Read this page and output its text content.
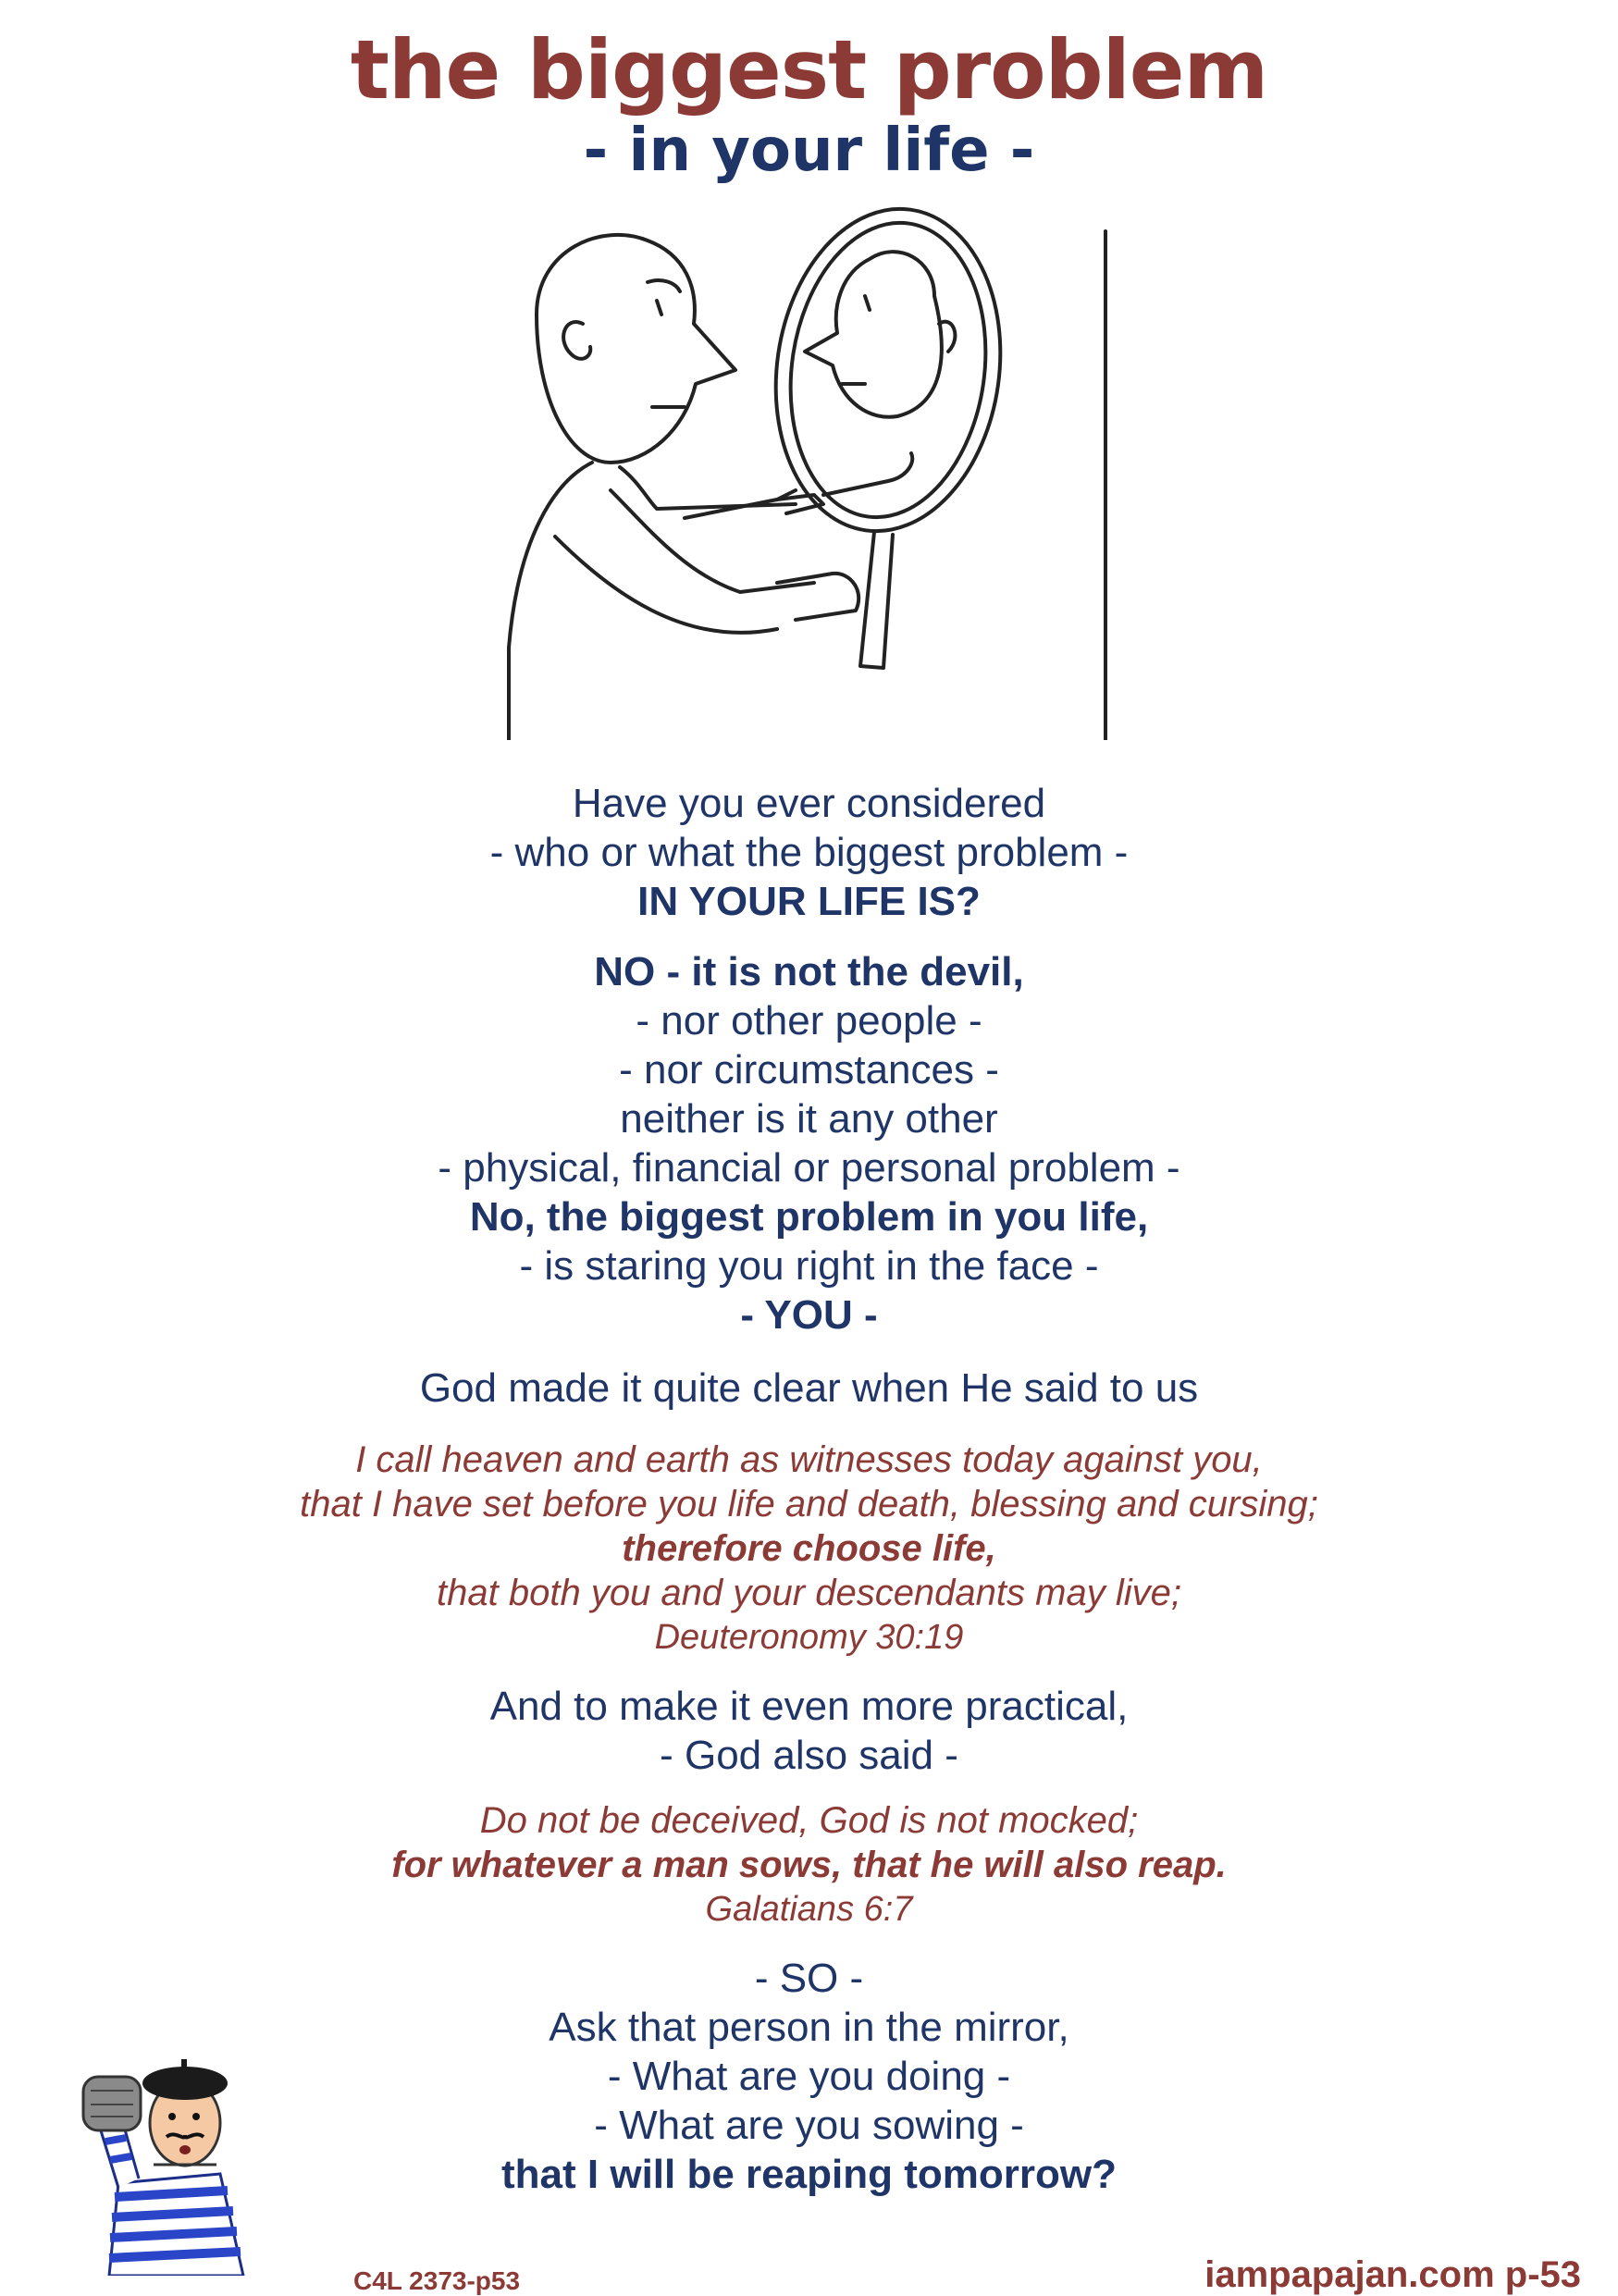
the biggest problem
- in your life -
Have you ever considered
- who or what the biggest problem -
IN YOUR LIFE IS?
NO - it is not the devil,
- nor other people -
- nor circumstances -
neither is it any other
- physical, financial or personal problem -
No, the biggest problem in you life,
- is staring you right in the face -
- YOU -
God made it quite clear when He said to us
I call heaven and earth as witnesses today against you,
that I have set before you life and death, blessing and cursing;
therefore choose life,
that both you and your descendants may live;
Deuteronomy 30:19
And to make it even more practical,
- God also said -
Do not be deceived, God is not mocked;
for whatever a man sows, that he will also reap.
Galatians 6:7
- SO -
Ask that person in the mirror,
- What are you doing -
- What are you sowing -
that I will be reaping tomorrow?
C4L 2373-p53	iampapajan.com p-53
